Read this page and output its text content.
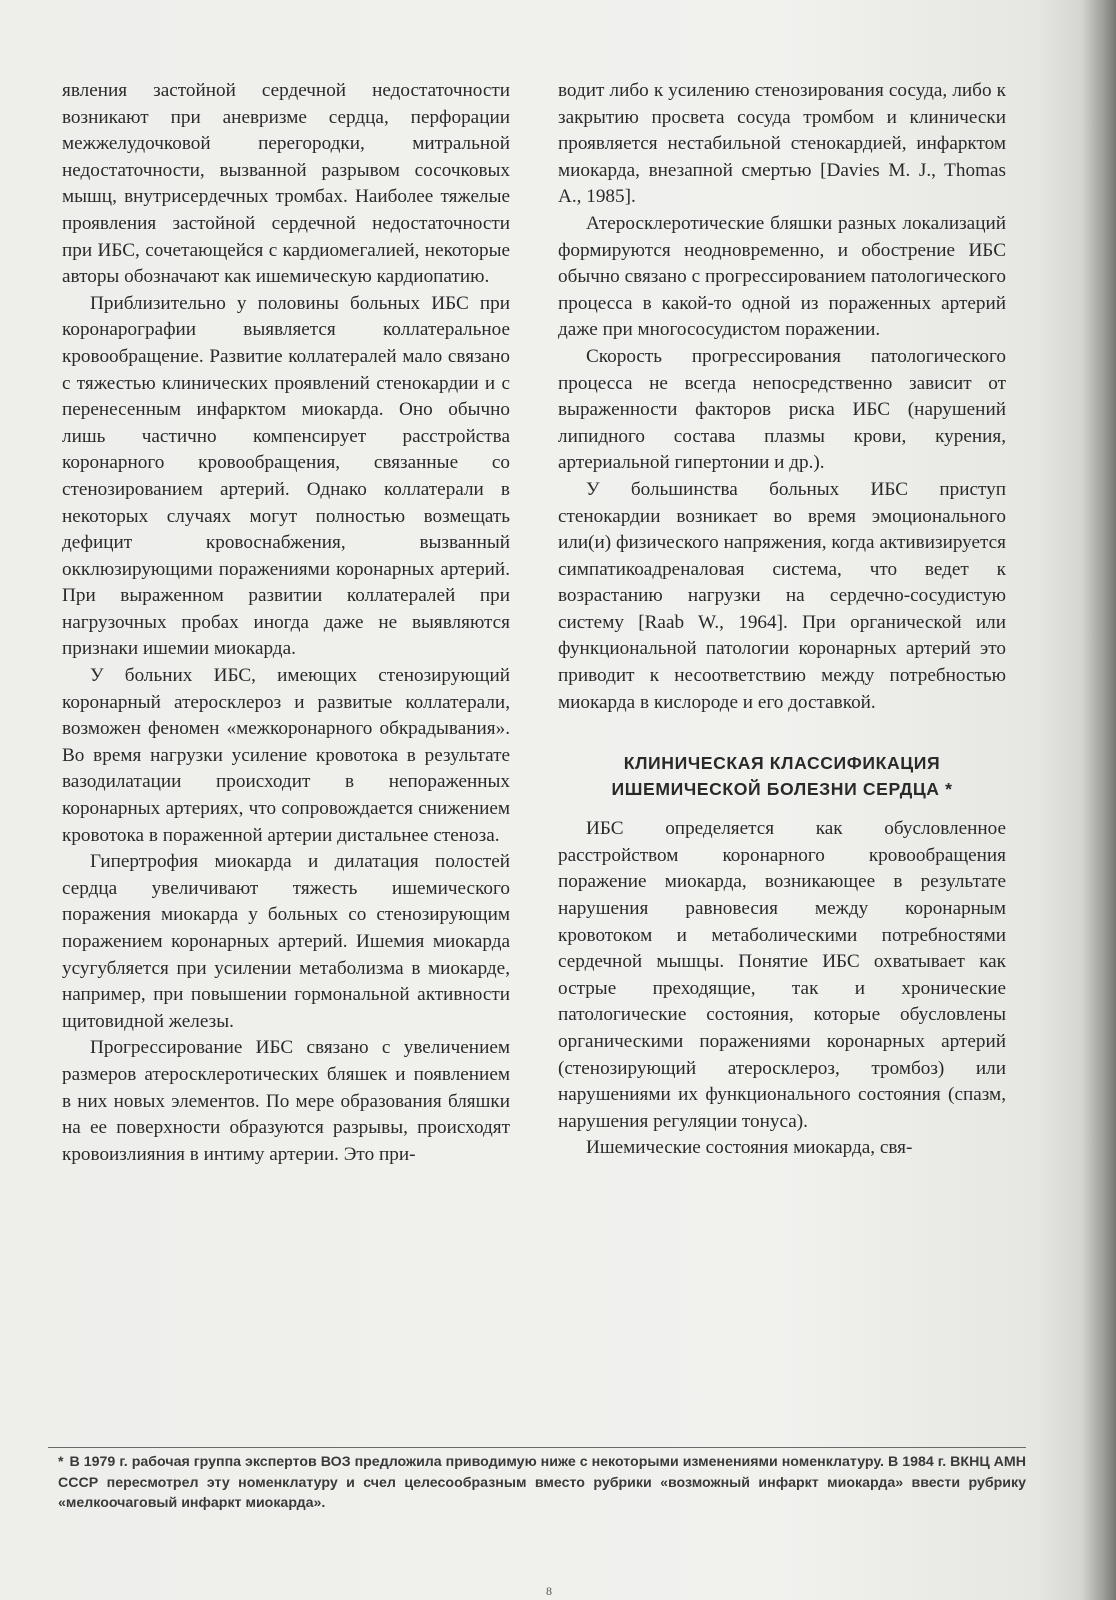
явления застойной сердечной недостаточности возникают при аневризме сердца, перфорации межжелудочковой перегородки, митральной недостаточности, вызванной разрывом сосочковых мышц, внутрисердечных тромбах. Наиболее тяжелые проявления застойной сердечной недостаточности при ИБС, сочетающейся с кардиомегалией, некоторые авторы обозначают как ишемическую кардиопатию.

Приблизительно у половины больных ИБС при коронарографии выявляется коллатеральное кровообращение. Развитие коллатералей мало связано с тяжестью клинических проявлений стенокардии и с перенесенным инфарктом миокарда. Оно обычно лишь частично компенсирует расстройства коронарного кровообращения, связанные со стенозированием артерий. Однако коллатерали в некоторых случаях могут полностью возмещать дефицит кровоснабжения, вызванный окклюзирующими поражениями коронарных артерий. При выраженном развитии коллатералей при нагрузочных пробах иногда даже не выявляются признаки ишемии миокарда.

У больних ИБС, имеющих стенозирующий коронарный атеросклероз и развитые коллатерали, возможен феномен «межкоронарного обкрадывания». Во время нагрузки усиление кровотока в результате вазодилатации происходит в непораженных коронарных артериях, что сопровождается снижением кровотока в пораженной артерии дистальнее стеноза.

Гипертрофия миокарда и дилатация полостей сердца увеличивают тяжесть ишемического поражения миокарда у больных со стенозирующим поражением коронарных артерий. Ишемия миокарда усугубляется при усилении метаболизма в миокарде, например, при повышении гормональной активности щитовидной железы.

Прогрессирование ИБС связано с увеличением размеров атеросклеротических бляшек и появлением в них новых элементов. По мере образования бляшки на ее поверхности образуются разрывы, происходят кровоизлияния в интиму артерии. Это при-

водит либо к усилению стенозирования сосуда, либо к закрытию просвета сосуда тромбом и клинически проявляется нестабильной стенокардией, инфарктом миокарда, внезапной смертью [Davies M. J., Thomas A., 1985].

Атеросклеротические бляшки разных локализаций формируются неодновременно, и обострение ИБС обычно связано с прогрессированием патологического процесса в какой-то одной из пораженных артерий даже при многососудистом поражении.

Скорость прогрессирования патологического процесса не всегда непосредственно зависит от выраженности факторов риска ИБС (нарушений липидного состава плазмы крови, курения, артериальной гипертонии и др.).

У большинства больных ИБС приступ стенокардии возникает во время эмоционального или(и) физического напряжения, когда активизируется симпатикоадреналовая система, что ведет к возрастанию нагрузки на сердечно-сосудистую систему [Raab W., 1964]. При органической или функциональной патологии коронарных артерий это приводит к несоответствию между потребностью миокарда в кислороде и его доставкой.

КЛИНИЧЕСКАЯ КЛАССИФИКАЦИЯ
ИШЕМИЧЕСКОЙ БОЛЕЗНИ СЕРДЦА *

ИБС определяется как обусловленное расстройством коронарного кровообращения поражение миокарда, возникающее в результате нарушения равновесия между коронарным кровотоком и метаболическими потребностями сердечной мышцы. Понятие ИБС охватывает как острые преходящие, так и хронические патологические состояния, которые обусловлены органическими поражениями коронарных артерий (стенозирующий атеросклероз, тромбоз) или нарушениями их функционального состояния (спазм, нарушения регуляции тонуса).

Ишемические состояния миокарда, свя-

* В 1979 г. рабочая группа экспертов ВОЗ предложила приводимую ниже с некоторыми изменениями номенклатуру. В 1984 г. ВКНЦ АМН СССР пересмотрел эту номенклатуру и счел целесообразным вместо рубрики «возможный инфаркт миокарда» ввести рубрику «мелкоочаговый инфаркт миокарда».
8
